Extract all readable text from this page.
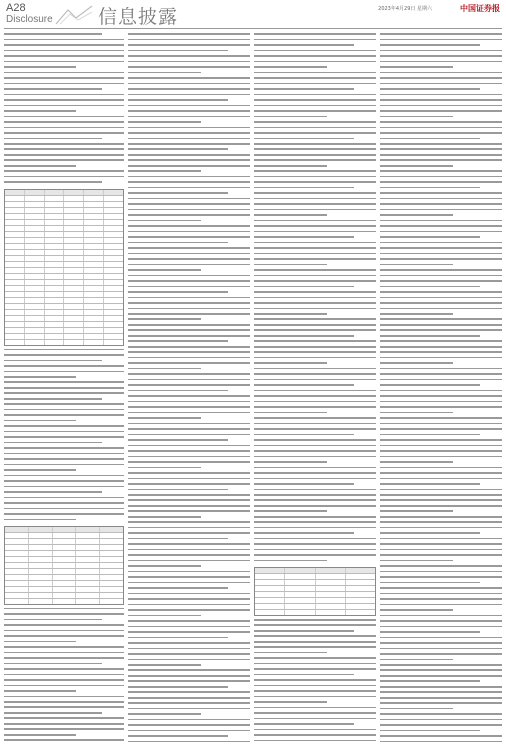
A28
Disclosure 信息披露	2023年4月29日 星期六	中国证券报
